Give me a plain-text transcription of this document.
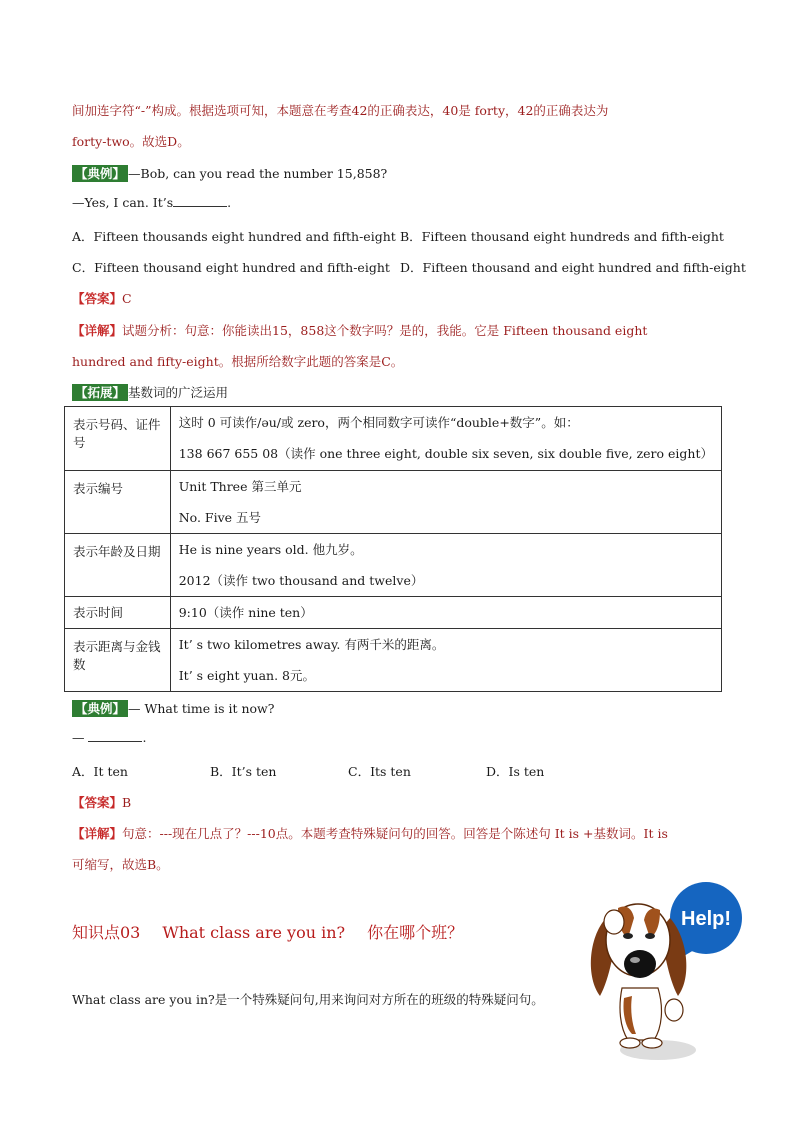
间加连字符“-”构成。根据选项可知，本题意在考查42的正确表达，40是 forty，42的正确表达为
forty-two。故选D。
【典例】 —Bob, can you read the number 15,858?
—Yes, I can. It’s	.
A．Fifteen thousands eight hundred and fifth-eight B．Fifteen thousand eight hundreds and fifth-eight
C．Fifteen thousand eight hundred and fifth-eight D．Fifteen thousand and eight hundred and fifth-eight
【答案】C
【详解】试题分析：句意：你能读出15，858这个数字吗？是的，我能。它是 Fifteen thousand eight
hundred and fifty-eight。根据所给数字此题的答案是C。
【拓展】 基数词的广泛运用
表示号码、证件号	这时 0 可读作/əu/或 zero，两个相同数字可读作“double+数字”。如：
138 667 655 08（读作 one three eight, double six seven, six double five, zero eight）

表示编号	Unit Three 第三单元
No. Five 五号

表示年龄及日期	He is nine years old. 他九岁。
2012（读作 two thousand and twelve）

表示时间	9:10（读作 nine ten）

表示距离与金钱数	It’ s two kilometres away. 有两千米的距离。
It’ s eight yuan. 8元。
【典例】 — What time is it now?
—	.
A．It ten	B．It’s ten	C．Its ten	D．Is ten
【答案】B
【详解】句意：---现在几点了？---10点。本题考查特殊疑问句的回答。回答是个陈述句 It is +基数词。It is
可缩写，故选B。
知识点03 What class are you in? 你在哪个班？
What class are you in?是一个特殊疑问句,用来询问对方所在的班级的特殊疑问句。
Help!
